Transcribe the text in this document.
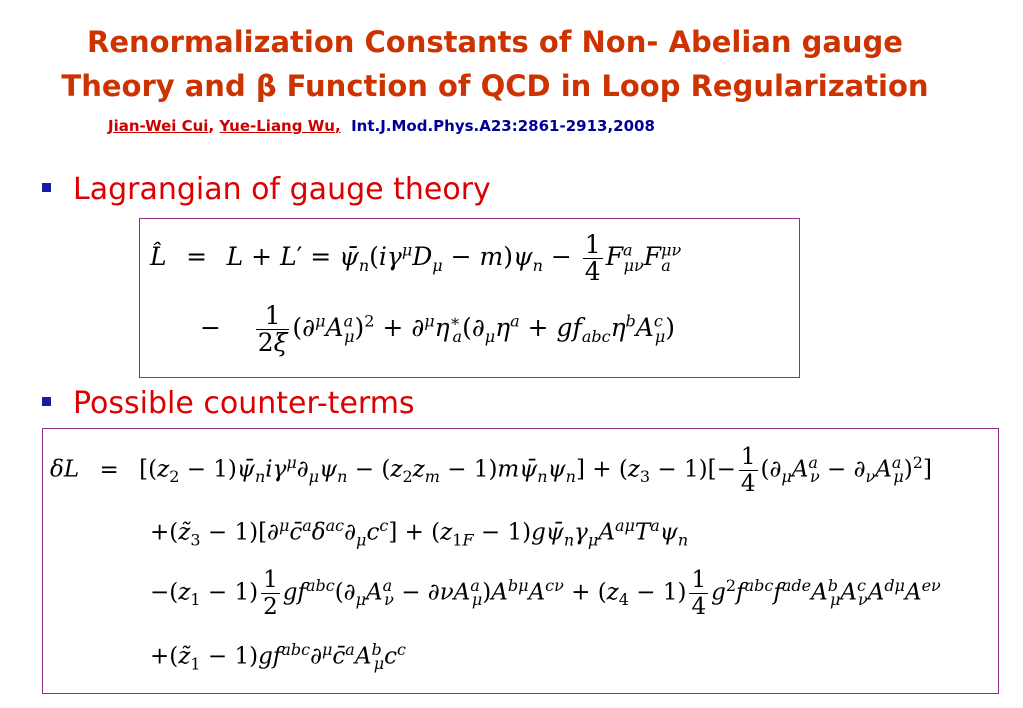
Renormalization Constants of Non- Abelian gauge
Theory and β Function of QCD in Loop Regularization
Jian-Wei Cui, Yue-Liang Wu, Int.J.Mod.Phys.A23:2861-2913,2008
Lagrangian of gauge theory
L̂ = $L + L' = \psī_n(i\gamma^\mu D_\mu - m)\psi_n - \frac{1}{4} F^a_{\mu\nu}F^{\mu\nu}_a$
− $\frac{1}{2\xi} (\partial^\mu A^a_\mu)^2 + \partial^\mu\eta^∗_a(\partial_\mu\eta^a + gf_{abc}\eta^bA^c_\mu)$
Possible counter-terms
$\delta L = [(z_2$ − $1)\psī_ni\gamma^\mu\partial_\mu\psi_n - (z_2z_m$ − $1)m\psī_n\psi_n] + (z_3 - 1)[- \frac{1}{4} (\partial_\mu A^a_\nu - \partial_\nu A^a_\mu)^2]$
$+(z̃_3$ − $1)[\partial^\mu c̄^a\delta^{ac}\partial_\mu c^c] + (z_{1F}$ − $1)g\psī_n\gamma_\mu A^{a\mu}T^a\psi_n$
$-(z_1 - 1) \frac{1}{2} gf^{abc}(\partial_\mu A^a_\nu - \partial\nu A^a_\mu)A^{b\mu}A^{c\nu} + (z_4 - 1) \frac{1}{4} g^2f^{abc}f^{ade}A^b_\mu A^c_\nu A^{d\mu}A^{e\nu}$
$+(z̃_1$ − $1)gf^{abc}\partial^\mu c̄^aA^b_\mu c^c$
